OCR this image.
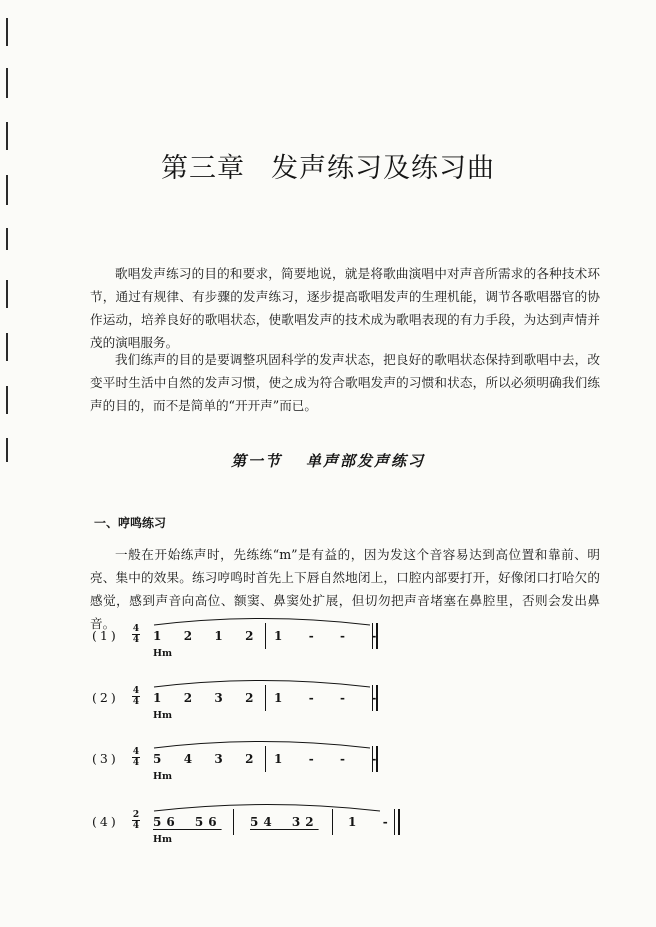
第三章 发声练习及练习曲

歌唱发声练习的目的和要求，简要地说，就是将歌曲演唱中对声音所需求的各种技术环节，通过有规律、有步骤的发声练习，逐步提高歌唱发声的生理机能，调节各歌唱器官的协作运动，培养良好的歌唱状态，使歌唱发声的技术成为歌唱表现的有力手段，为达到声情并茂的演唱服务。

我们练声的目的是要调整巩固科学的发声状态，把良好的歌唱状态保持到歌唱中去，改变平时生活中自然的发声习惯，使之成为符合歌唱发声的习惯和状态，所以必须明确我们练声的目的，而不是简单的“开开声”而已。

第一节 单声部发声练习
一、哼鸣练习

一般在开始练声时，先练练“m”是有益的，因为发这个音容易达到高位置和靠前、明亮、集中的效果。练习哼鸣时首先上下唇自然地闭上，口腔内部要打开，好像闭口打哈欠的感觉，感到声音向高位、额窦、鼻窦处扩展，但切勿把声音堵塞在鼻腔里，否则会发出鼻音。

(1) 4
4 1  2  1  2 1  -  -  -
Hm
(2) 4
4 1  2  3  2 1  -  -  -
Hm
(3) 4
4 5  4  3  2 1  -  -  -
Hm
(4) 2
4 56 56 54 32 1  -
Hm
